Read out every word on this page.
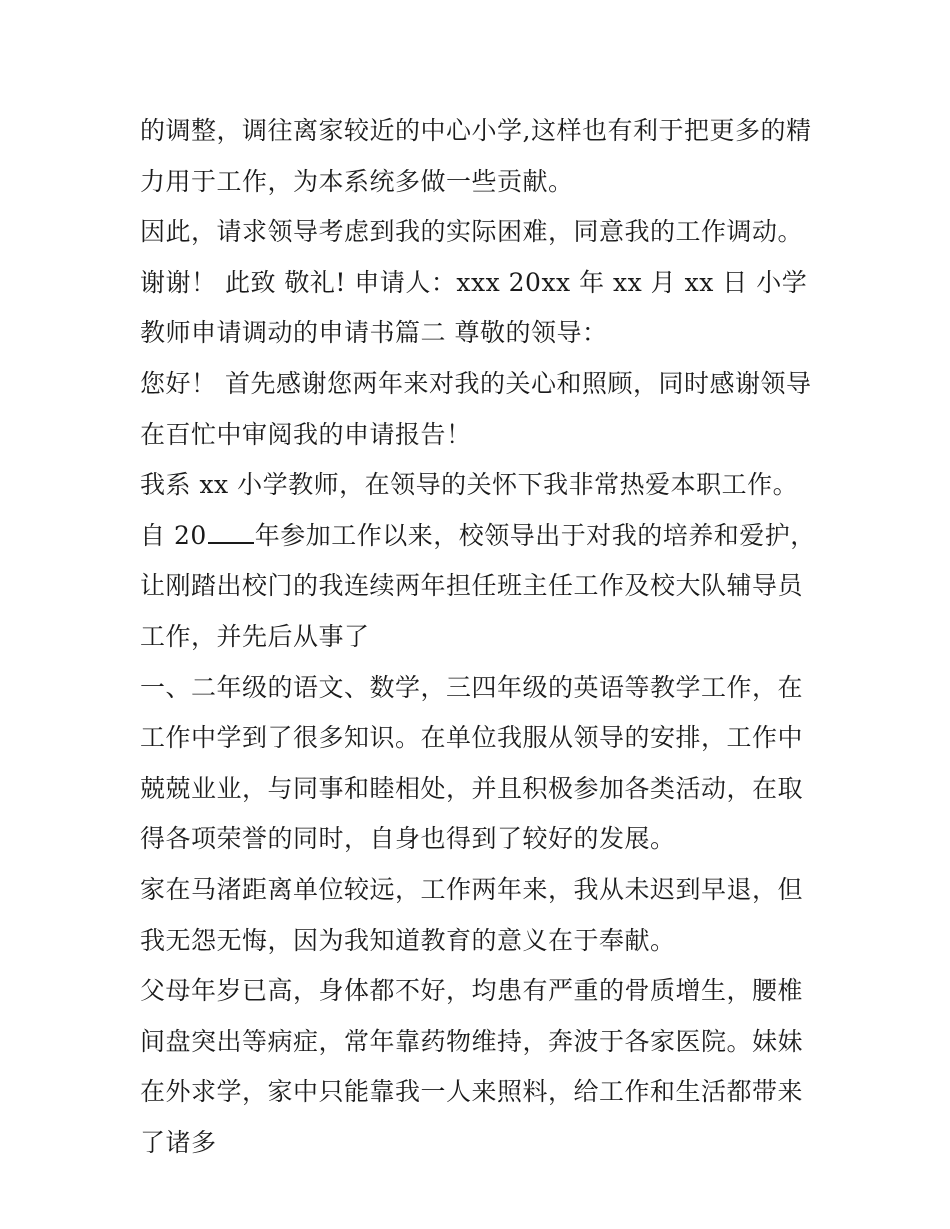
的调整，调往离家较近的中心小学,这样也有利于把更多的精力用于工作，为本系统多做一些贡献。

因此，请求领导考虑到我的实际困难，同意我的工作调动。谢谢！ 此致 敬礼! 申请人：xxx 20xx 年 xx 月 xx 日 小学教师申请调动的申请书篇二 尊敬的领导：

您好！ 首先感谢您两年来对我的关心和照顾，同时感谢领导在百忙中审阅我的申请报告！

我系 xx 小学教师，在领导的关怀下我非常热爱本职工作。自 20 年参加工作以来，校领导出于对我的培养和爱护，让刚踏出校门的我连续两年担任班主任工作及校大队辅导员工作，并先后从事了

一、二年级的语文、数学，三四年级的英语等教学工作，在工作中学到了很多知识。在单位我服从领导的安排，工作中兢兢业业，与同事和睦相处，并且积极参加各类活动，在取得各项荣誉的同时，自身也得到了较好的发展。

家在马渚距离单位较远，工作两年来，我从未迟到早退，但我无怨无悔，因为我知道教育的意义在于奉献。

父母年岁已高，身体都不好，均患有严重的骨质增生，腰椎间盘突出等病症，常年靠药物维持，奔波于各家医院。妹妹在外求学，家中只能靠我一人来照料，给工作和生活都带来了诸多
